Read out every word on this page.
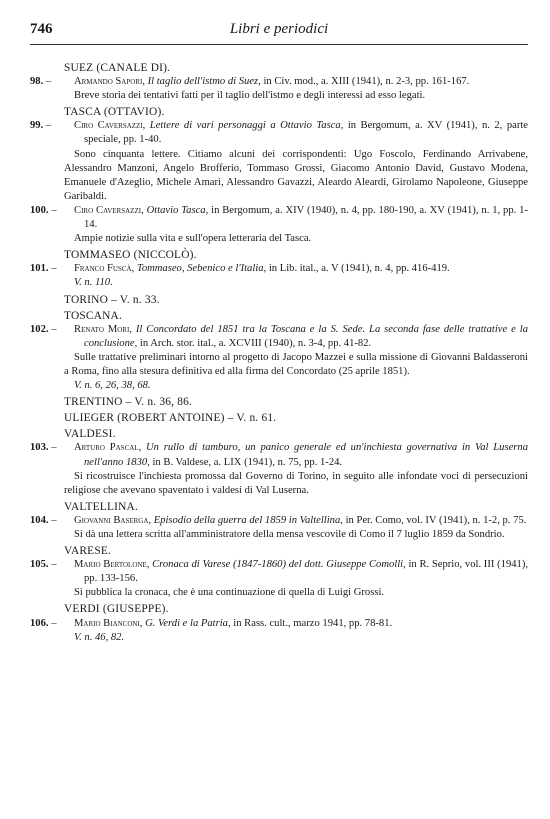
746	Libri e periodici
SUEZ (CANALE DI).
98. –	Armando Sapori, Il taglio dell'istmo di Suez, in Civ. mod., a. XIII (1941), n. 2-3, pp. 161-167.
Breve storia dei tentativi fatti per il taglio dell'istmo e degli interessi ad esso legati.
TASCA (OTTAVIO).
99. –	Ciro Caversazzi, Lettere di vari personaggi a Ottavio Tasca, in Bergomum, a. XV (1941), n. 2, parte speciale, pp. 1-40.
Sono cinquanta lettere. Citiamo alcuni dei corrispondenti: Ugo Foscolo, Ferdinando Arrivabene, Alessandro Manzoni, Angelo Brofferio, Tommaso Grossi, Giacomo Antonio David, Gustavo Modena, Emanuele d'Azeglio, Michele Amari, Alessandro Gavazzi, Aleardo Aleardi, Girolamo Napoleone, Giuseppe Garibaldi.
100. –	Ciro Caversazzi, Ottavio Tasca, in Bergomum, a. XIV (1940), n. 4, pp. 180-190, a. XV (1941), n. 1, pp. 1-14.
Ampie notizie sulla vita e sull'opera letteraria del Tasca.
TOMMASEO (NICCOLÒ).
101. –	Franco Fuscà, Tommaseo, Sebenico e l'Italia, in Lib. ital., a. V (1941), n. 4, pp. 416-419.
V. n. 110.
TORINO – V. n. 33.
TOSCANA.
102. –	Renato Mori, Il Concordato del 1851 tra la Toscana e la S. Sede. La seconda fase delle trattative e la conclusione, in Arch. stor. ital., a. XCVIII (1940), n. 3-4, pp. 41-82.
Sulle trattative preliminari intorno al progetto di Jacopo Mazzei e sulla missione di Giovanni Baldasseroni a Roma, fino alla stesura definitiva ed alla firma del Concordato (25 aprile 1851).
V. n. 6, 26, 38, 68.
TRENTINO – V. n. 36, 86.
ULIEGER (ROBERT ANTOINE) – V. n. 61.
VALDESI.
103. –	Arturo Pascal, Un rullo di tamburo, un panico generale ed un'inchiesta governativa in Val Luserna nell'anno 1830, in B. Valdese, a. LIX (1941), n. 75, pp. 1-24.
Si ricostruisce l'inchiesta promossa dal Governo di Torino, in seguito alle infondate voci di persecuzioni religiose che avevano spaventato i valdesi di Val Luserna.
VALTELLINA.
104. –	Giovanni Baserga, Episodio della guerra del 1859 in Valtellina, in Per. Como, vol. IV (1941), n. 1-2, p. 75.
Si dà una lettera scritta all'amministratore della mensa vescovile di Como il 7 luglio 1859 da Sondrio.
VARESE.
105. –	Mario Bertolone, Cronaca di Varese (1847-1860) del dott. Giuseppe Comolli, in R. Seprio, vol. III (1941), pp. 133-156.
Si pubblica la cronaca, che è una continuazione di quella di Luigi Grossi.
VERDI (GIUSEPPE).
106. –	Mario Bianconi, G. Verdi e la Patria, in Rass. cult., marzo 1941, pp. 78-81.
V. n. 46, 82.
